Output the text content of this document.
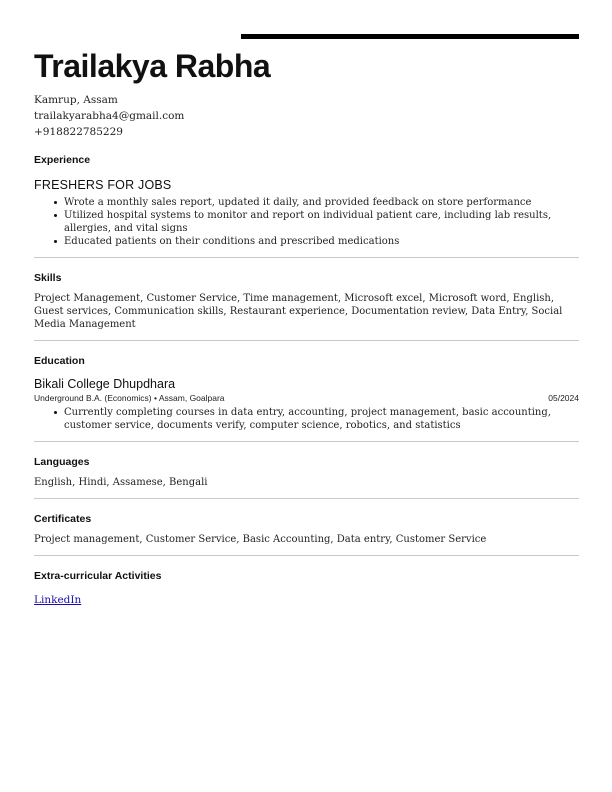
Trailakya Rabha
Kamrup, Assam
trailakyarabha4@gmail.com
+918822785229
Experience
FRESHERS FOR JOBS
Wrote a monthly sales report, updated it daily, and provided feedback on store performance
Utilized hospital systems to monitor and report on individual patient care, including lab results, allergies, and vital signs
Educated patients on their conditions and prescribed medications
Skills

Project Management, Customer Service, Time management, Microsoft excel, Microsoft word, English, Guest services, Communication skills, Restaurant experience, Documentation review, Data Entry, Social Media Management

Education
Bikali College Dhupdhara
Underground B.A. (Economics) • Assam, Goalpara	05/2024
Currently completing courses in data entry, accounting, project management, basic accounting, customer service, documents verify, computer science, robotics, and statistics
Languages

English, Hindi, Assamese, Bengali

Certificates

Project management, Customer Service, Basic Accounting, Data entry, Customer Service

Extra-curricular Activities
LinkedIn
